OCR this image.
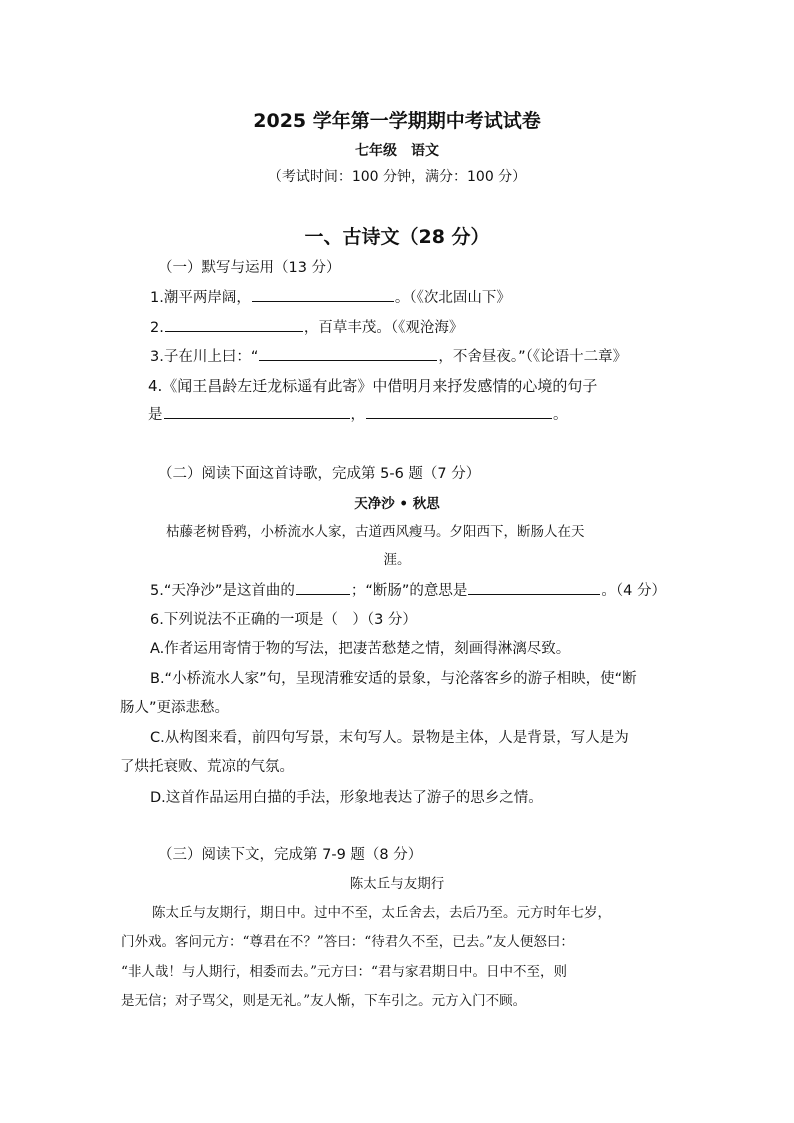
2025 学年第一学期期中考试试卷
七年级　语文
（考试时间：100 分钟，满分：100 分）
一、古诗文（28 分）
（一）默写与运用（13 分）
1.潮平两岸阔，	。（《次北固山下》
2.	，百草丰茂。（《观沧海》
3.子在川上曰：“	，不舍昼夜。”（《论语十二章》
4.《闻王昌龄左迁龙标遥有此寄》中借明月来抒发感情的心境的句子
是	，	。
（二）阅读下面这首诗歌，完成第 5-6 题（7 分）
天净沙 • 秋思
枯藤老树昏鸦，小桥流水人家，古道西风瘦马。夕阳西下，断肠人在天
涯。
5.“天净沙”是这首曲的	；“断肠”的意思是	。（4 分）
6.下列说法不正确的一项是（　）（3 分）
A.作者运用寄情于物的写法，把凄苦愁楚之情，刻画得淋漓尽致。
B.“小桥流水人家”句，呈现清雅安适的景象，与沦落客乡的游子相映，使“断
肠人”更添悲愁。
C.从构图来看，前四句写景，末句写人。景物是主体，人是背景，写人是为
了烘托衰败、荒凉的气氛。
D.这首作品运用白描的手法，形象地表达了游子的思乡之情。
（三）阅读下文，完成第 7-9 题（8 分）
陈太丘与友期行
陈太丘与友期行，期日中。过中不至，太丘舍去，去后乃至。元方时年七岁，
门外戏。客问元方：“尊君在不？”答曰：“待君久不至，已去。”友人便怒曰：
“非人哉！与人期行，相委而去。”元方曰：“君与家君期日中。日中不至，则
是无信；对子骂父，则是无礼。”友人惭，下车引之。元方入门不顾。
